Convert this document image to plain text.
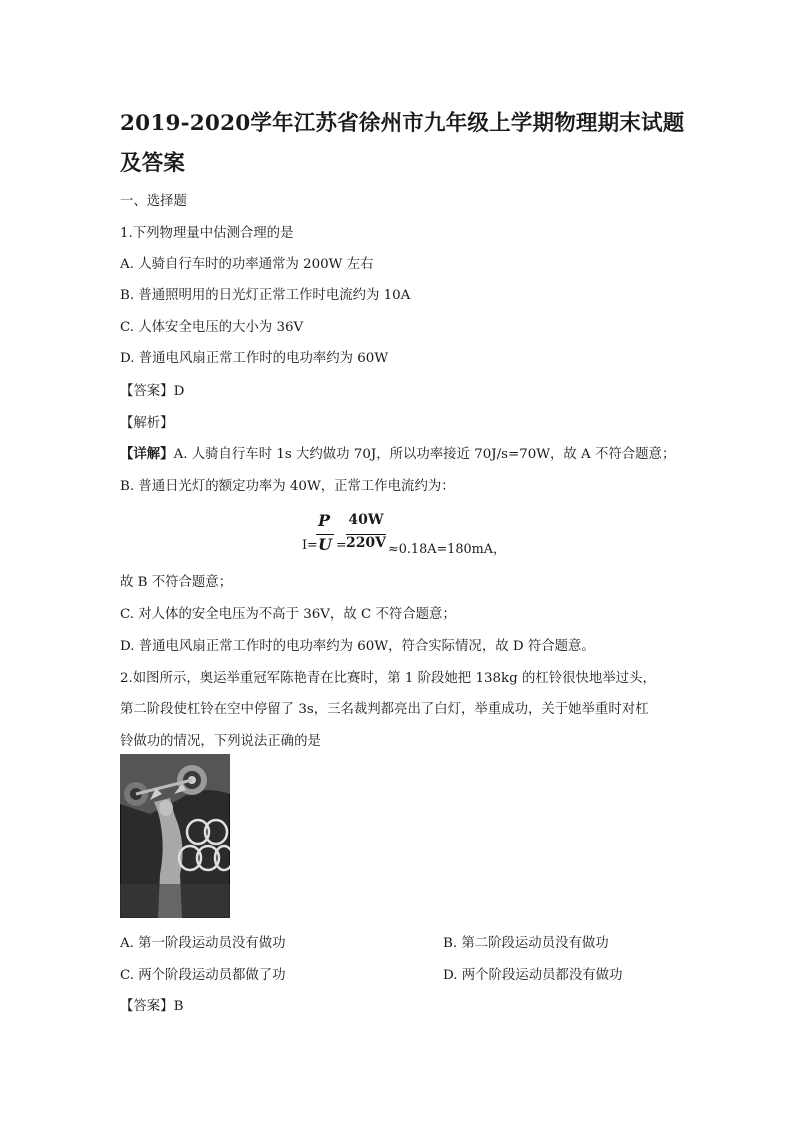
2019-2020学年江苏省徐州市九年级上学期物理期末试题
及答案
一、选择题
1.下列物理量中估测合理的是
A. 人骑自行车时的功率通常为 200W 左右
B. 普通照明用的日光灯正常工作时电流约为 10A
C. 人体安全电压的大小为 36V
D. 普通电风扇正常工作时的电功率约为 60W
【答案】D
【解析】
【详解】A. 人骑自行车时 1s 大约做功 70J，所以功率接近 70J/s=70W，故 A 不符合题意；
B. 普通日光灯的额定功率为 40W，正常工作电流约为：
I=
P
U =
40W
220V ≈0.18A=180mA，
故 B 不符合题意；
C. 对人体的安全电压为不高于 36V，故 C 不符合题意；
D. 普通电风扇正常工作时的电功率约为 60W，符合实际情况，故 D 符合题意。
2.如图所示，奥运举重冠军陈艳青在比赛时，第 1 阶段她把 138kg 的杠铃很快地举过头，
第二阶段使杠铃在空中停留了 3s，三名裁判都亮出了白灯，举重成功，关于她举重时对杠
铃做功的情况，下列说法正确的是
A. 第一阶段运动员没有做功	B. 第二阶段运动员没有做功
C. 两个阶段运动员都做了功	D. 两个阶段运动员都没有做功
【答案】B
